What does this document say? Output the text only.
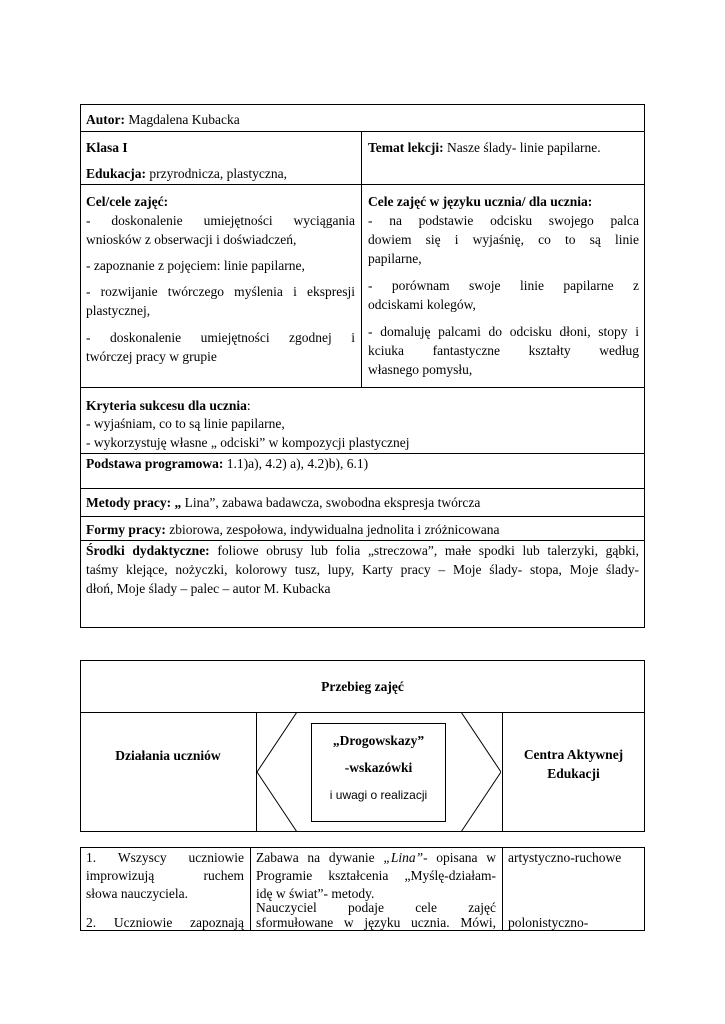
Autor: Magdalena Kubacka
Klasa I
Edukacja: przyrodnicza, plastyczna,
Temat lekcji: Nasze ślady- linie papilarne.
Cel/cele zajęć:
- doskonalenie umiejętności wyciągania
wniosków z obserwacji i doświadczeń,
- zapoznanie z pojęciem: linie papilarne,
- rozwijanie twórczego myślenia i ekspresji
plastycznej,
- doskonalenie umiejętności zgodnej i
twórczej pracy w grupie
Cele zajęć w języku ucznia/ dla ucznia:
- na podstawie odcisku swojego palca
dowiem się i wyjaśnię, co to są linie
papilarne,
- porównam swoje linie papilarne z
odciskami kolegów,
- domaluję palcami do odcisku dłoni, stopy i
kciuka fantastyczne kształty według
własnego pomysłu,
Kryteria sukcesu dla ucznia:
- wyjaśniam, co to są linie papilarne,
- wykorzystuję własne „ odciski” w kompozycji plastycznej
Podstawa programowa: 1.1)a), 4.2) a), 4.2)b), 6.1)
Metody pracy: „ Lina”, zabawa badawcza, swobodna ekspresja twórcza
Formy pracy: zbiorowa, zespołowa, indywidualna jednolita i zróżnicowana
Środki dydaktyczne: foliowe obrusy lub folia „streczowa”, małe spodki lub talerzyki, gąbki,
taśmy klejące, nożyczki, kolorowy tusz, lupy, Karty pracy – Moje ślady- stopa, Moje ślady-
dłoń, Moje ślady – palec – autor M. Kubacka
Przebieg zajęć
Działania uczniów	Centra Aktywnej
Edukacji
„Drogowskazy”
-wskazówki
i uwagi o realizacji
1. Wszyscy uczniowie
improwizują ruchem
słowa nauczyciela.
2. Uczniowie zapoznają
Zabawa na dywanie „Lina”- opisana w
Programie kształcenia „Myślę-działam-
idę w świat”- metody.
Nauczyciel podaje cele zajęć
sformułowane w języku ucznia. Mówi,
artystyczno-ruchowe
polonistyczno-
